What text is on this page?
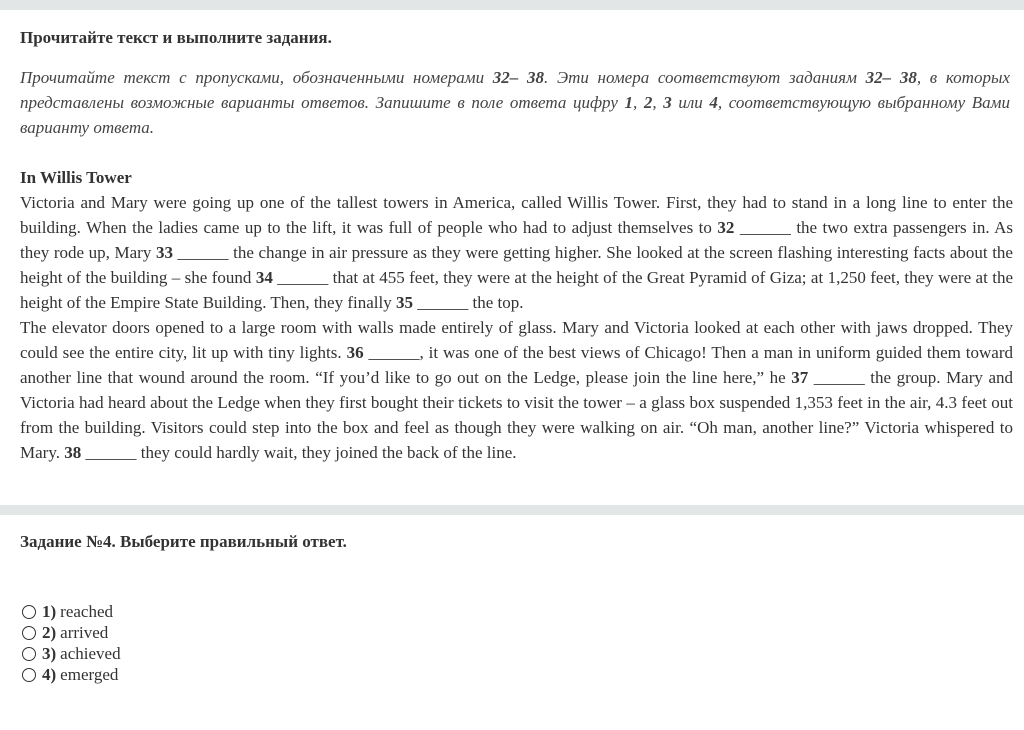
Прочитайте текст и выполните задания.
Прочитайте текст с пропусками, обозначенными номерами 32– 38. Эти номера соответствуют заданиям 32– 38, в которых представлены возможные варианты ответов. Запишите в поле ответа цифру 1, 2, 3 или 4, соответствующую выбранному Вами варианту ответа.
In Willis Tower

Victoria and Mary were going up one of the tallest towers in America, called Willis Tower. First, they had to stand in a long line to enter the building. When the ladies came up to the lift, it was full of people who had to adjust themselves to 32 ______ the two extra passengers in. As they rode up, Mary 33 ______ the change in air pressure as they were getting higher. She looked at the screen flashing interesting facts about the height of the building – she found 34 ______ that at 455 feet, they were at the height of the Great Pyramid of Giza; at 1,250 feet, they were at the height of the Empire State Building. Then, they finally 35 ______ the top.

The elevator doors opened to a large room with walls made entirely of glass. Mary and Victoria looked at each other with jaws dropped. They could see the entire city, lit up with tiny lights. 36 ______, it was one of the best views of Chicago! Then a man in uniform guided them toward another line that wound around the room. “If you’d like to go out on the Ledge, please join the line here,” he 37 ______ the group. Mary and Victoria had heard about the Ledge when they first bought their tickets to visit the tower – a glass box suspended 1,353 feet in the air, 4.3 feet out from the building. Visitors could step into the box and feel as though they were walking on air. “Oh man, another line?” Victoria whispered to Mary. 38 ______ they could hardly wait, they joined the back of the line.

Задание №4. Выберите правильный ответ.
1) reached
2) arrived
3) achieved
4) emerged
